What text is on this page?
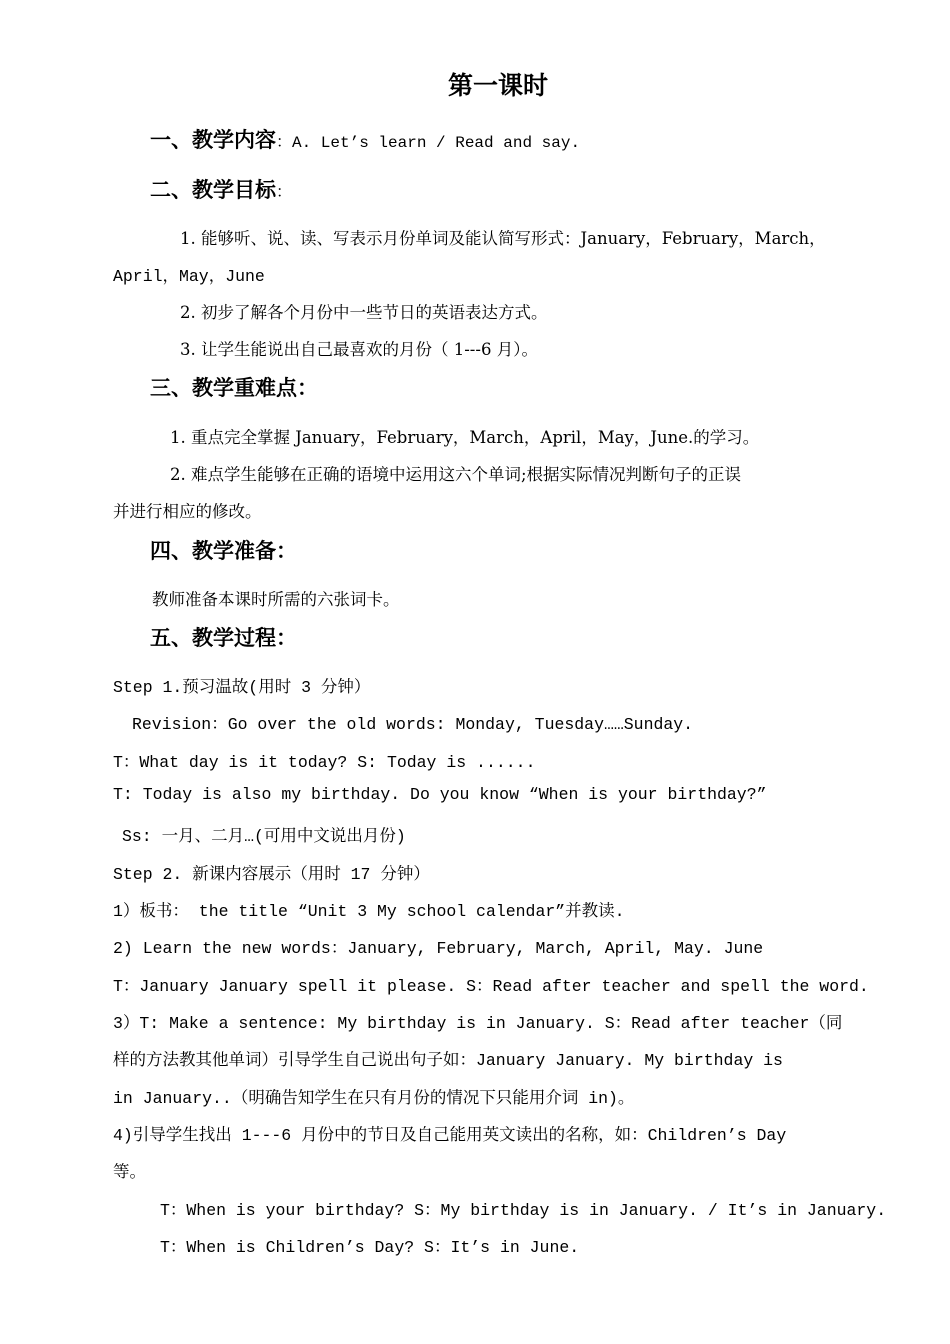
第一课时
一、教学内容：A. Let’s learn / Read and say.
二、教学目标：
1. 能够听、说、读、写表示月份单词及能认简写形式：January，February，March，
April，May，June
2. 初步了解各个月份中一些节日的英语表达方式。
3. 让学生能说出自己最喜欢的月份（ 1---6 月）。
三、教学重难点：
1. 重点完全掌握 January，February，March，April，May，June.的学习。
2. 难点学生能够在正确的语境中运用这六个单词;根据实际情况判断句子的正误
并进行相应的修改。
四、教学准备：
教师准备本课时所需的六张词卡。
五、教学过程：
Step 1.预习温故(用时 3 分钟）
Revision：Go over the old words: Monday, Tuesday……Sunday.
T：What day is it today? S: Today is ......
T: Today is also my birthday. Do you know “When is your birthday?”
Ss: 一月、二月…(可用中文说出月份)
Step 2. 新课内容展示（用时 17 分钟）
1）板书： the title “Unit 3 My school calendar”并教读.
2) Learn the new words：January, February, March, April, May. June
T：January January spell it please. S：Read after teacher and spell the word.
3）T: Make a sentence: My birthday is in January. S：Read after teacher（同
样的方法教其他单词）引导学生自己说出句子如：January January. My birthday is
in January..（明确告知学生在只有月份的情况下只能用介词 in)。
4)引导学生找出 1---6 月份中的节日及自己能用英文读出的名称，如：Children’s Day
等。
T：When is your birthday? S：My birthday is in January. / It’s in January.
T：When is Children’s Day? S：It’s in June.
